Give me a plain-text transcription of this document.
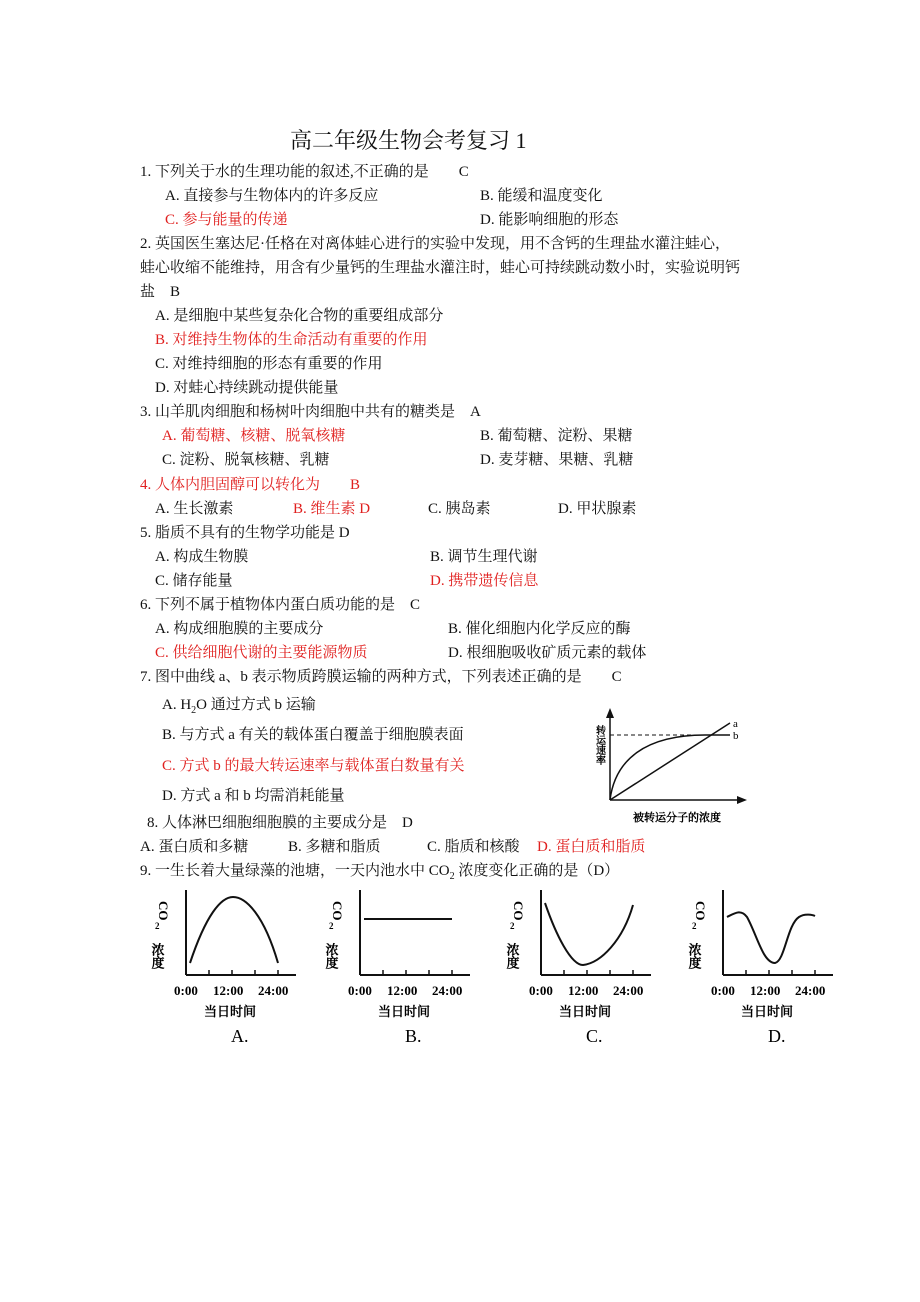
高二年级生物会考复习 1
1. 下列关于水的生理功能的叙述,不正确的是　　C
A. 直接参与生物体内的许多反应	B. 能缓和温度变化
C. 参与能量的传递	D. 能影响细胞的形态
2. 英国医生塞达尼·任格在对离体蛙心进行的实验中发现，用不含钙的生理盐水灌注蛙心，
蛙心收缩不能维持，用含有少量钙的生理盐水灌注时，蛙心可持续跳动数小时，实验说明钙
盐　B
A. 是细胞中某些复杂化合物的重要组成部分
B. 对维持生物体的生命活动有重要的作用
C. 对维持细胞的形态有重要的作用
D. 对蛙心持续跳动提供能量
3. 山羊肌肉细胞和杨树叶肉细胞中共有的糖类是　A
A. 葡萄糖、核糖、脱氧核糖	B. 葡萄糖、淀粉、果糖
C. 淀粉、脱氧核糖、乳糖	D. 麦芽糖、果糖、乳糖
4. 人体内胆固醇可以转化为　　B
A. 生长激素	B. 维生素 D	C. 胰岛素	D. 甲状腺素
5. 脂质不具有的生物学功能是 D
A. 构成生物膜	B. 调节生理代谢
C. 储存能量	D. 携带遗传信息
6. 下列不属于植物体内蛋白质功能的是　C
A. 构成细胞膜的主要成分	B. 催化细胞内化学反应的酶
C. 供给细胞代谢的主要能源物质	D. 根细胞吸收矿质元素的载体
7. 图中曲线 a、b 表示物质跨膜运输的两种方式，下列表述正确的是　　C
A. $H_2O$ 通过方式 b 运输
B. 与方式 a 有关的载体蛋白覆盖于细胞膜表面
C. 方式 b 的最大转运速率与载体蛋白数量有关
D. 方式 a 和 b 均需消耗能量
a
b
转运速率
被转运分子的浓度
8. 人体淋巴细胞细胞膜的主要成分是　D
A. 蛋白质和多糖	B. 多糖和脂质	C. 脂质和核酸 D. 蛋白质和脂质
9. 一生长着大量绿藻的池塘，一天内池水中 $CO_2$ 浓度变化正确的是（D）
CO
2
浓度
0:00 12:00 24:00
当日时间
A.
CO
2
浓度
0:00 12:00 24:00
当日时间
B.
CO
2
浓度
0:00 12:00 24:00
当日时间
C.
CO
2
浓度
0:00 12:00 24:00
当日时间
D.
